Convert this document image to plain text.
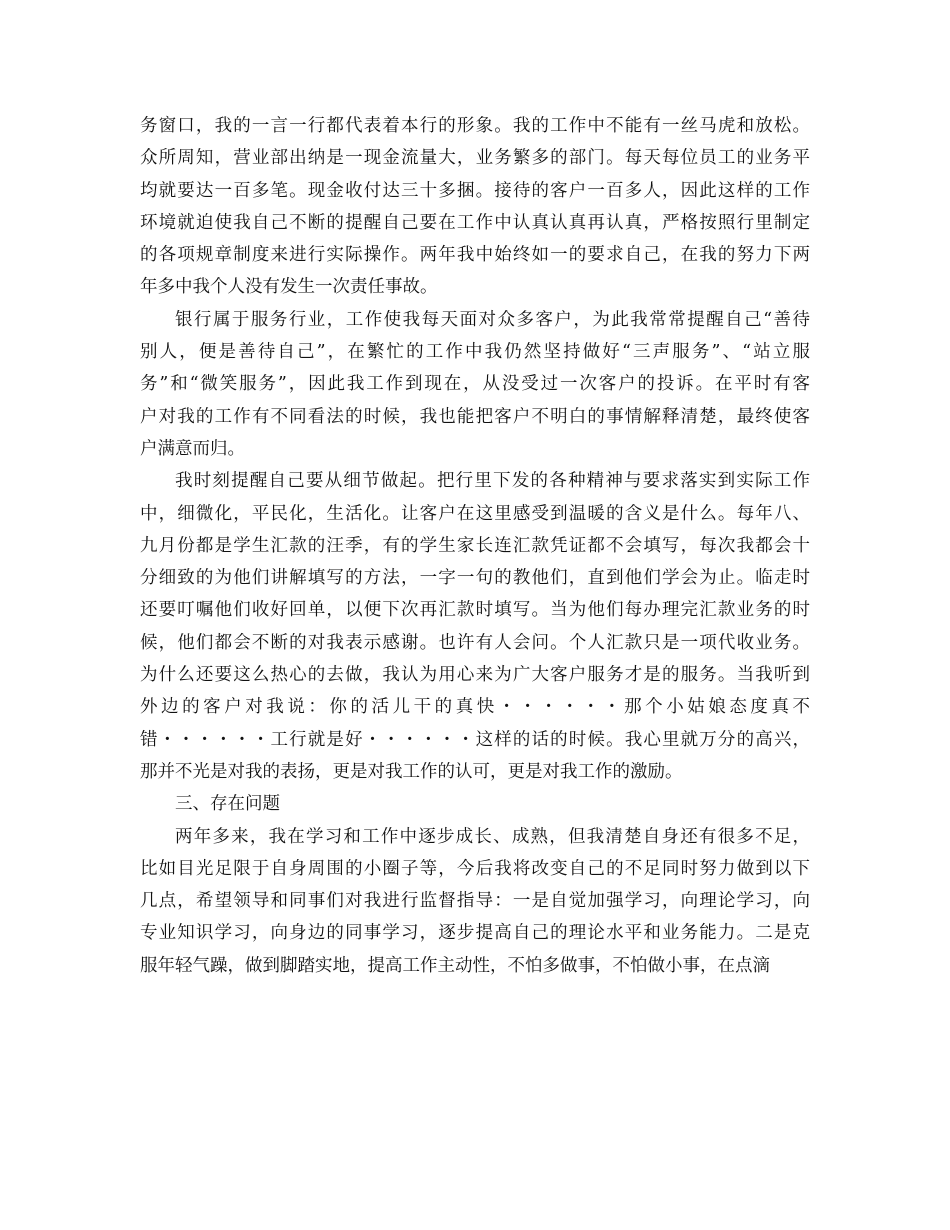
务窗口，我的一言一行都代表着本行的形象。我的工作中不能有一丝马虎和放松。
众所周知，营业部出纳是一现金流量大，业务繁多的部门。每天每位员工的业务平
均就要达一百多笔。现金收付达三十多捆。接待的客户一百多人，因此这样的工作
环境就迫使我自己不断的提醒自己要在工作中认真认真再认真，严格按照行里制定
的各项规章制度来进行实际操作。两年我中始终如一的要求自己，在我的努力下两
年多中我个人没有发生一次责任事故。
银行属于服务行业，工作使我每天面对众多客户，为此我常常提醒自己“善待
别人，便是善待自己”，在繁忙的工作中我仍然坚持做好“三声服务”、“站立服
务”和“微笑服务”，因此我工作到现在，从没受过一次客户的投诉。在平时有客
户对我的工作有不同看法的时候，我也能把客户不明白的事情解释清楚，最终使客
户满意而归。
我时刻提醒自己要从细节做起。把行里下发的各种精神与要求落实到实际工作
中，细微化，平民化，生活化。让客户在这里感受到温暖的含义是什么。每年八、
九月份都是学生汇款的汪季，有的学生家长连汇款凭证都不会填写，每次我都会十
分细致的为他们讲解填写的方法，一字一句的教他们，直到他们学会为止。临走时
还要叮嘱他们收好回单，以便下次再汇款时填写。当为他们每办理完汇款业务的时
候，他们都会不断的对我表示感谢。也许有人会问。个人汇款只是一项代收业务。
为什么还要这么热心的去做，我认为用心来为广大客户服务才是的服务。当我听到
外边的客户对我说：你的活儿干的真快・・・・・・那个小姑娘态度真不
错・・・・・・工行就是好・・・・・・这样的话的时候。我心里就万分的高兴，
那并不光是对我的表扬，更是对我工作的认可，更是对我工作的激励。
三、存在问题
两年多来，我在学习和工作中逐步成长、成熟，但我清楚自身还有很多不足，
比如目光足限于自身周围的小圈子等，今后我将改变自己的不足同时努力做到以下
几点，希望领导和同事们对我进行监督指导：一是自觉加强学习，向理论学习，向
专业知识学习，向身边的同事学习，逐步提高自己的理论水平和业务能力。二是克
服年轻气躁，做到脚踏实地，提高工作主动性，不怕多做事，不怕做小事，在点滴
